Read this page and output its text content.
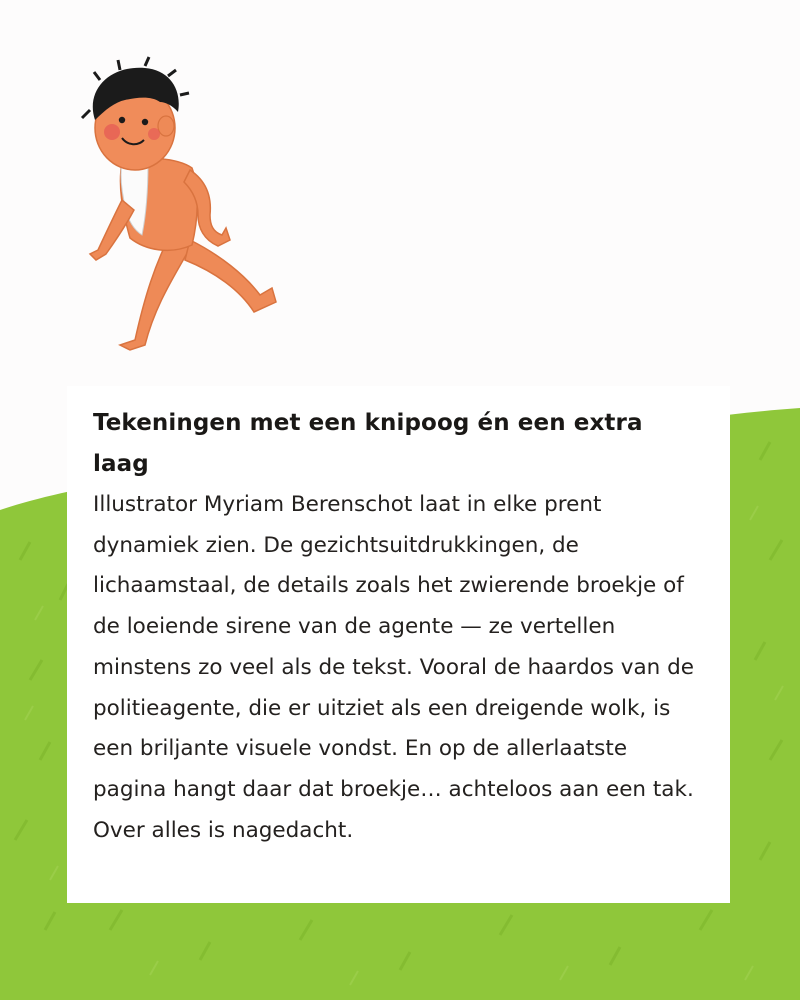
Tekeningen met een knipoog én een extra laag

Illustrator Myriam Berenschot laat in elke prent dynamiek zien. De gezichtsuitdrukkingen, de lichaamstaal, de details zoals het zwierende broekje of de loeiende sirene van de agente — ze vertellen minstens zo veel als de tekst. Vooral de haardos van de politieagente, die er uitziet als een dreigende wolk, is een briljante visuele vondst. En op de allerlaatste pagina hangt daar dat broekje… achteloos aan een tak. Over alles is nagedacht.
